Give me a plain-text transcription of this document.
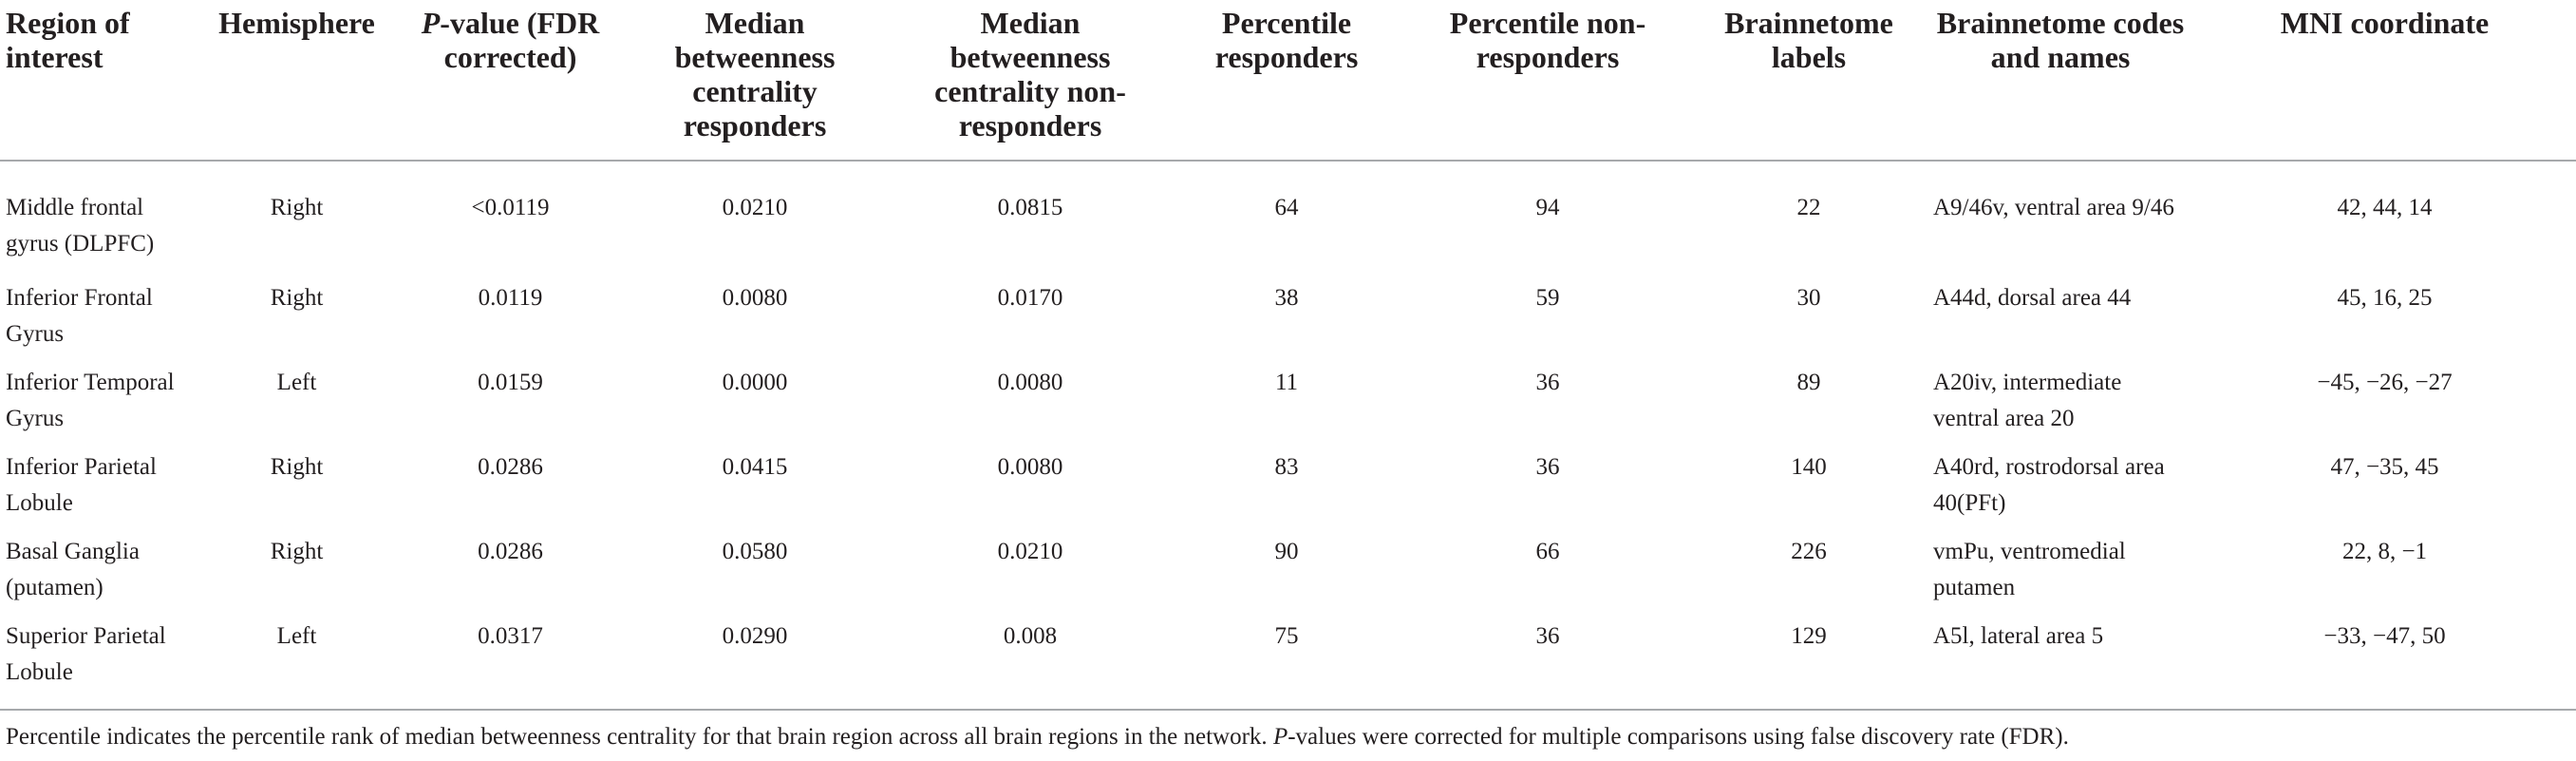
Region of interest	Hemisphere	P-value (FDR corrected)	Median betweenness centrality responders	Median betweenness centrality non-responders	Percentile responders	Percentile non-responders	Brainnetome labels	Brainnetome codes and names	MNI coordinate
Middle frontal gyrus (DLPFC)	Right	<0.0119	0.0210	0.0815	64	94	22	A9/46v, ventral area 9/46	42, 44, 14
Inferior Frontal Gyrus	Right	0.0119	0.0080	0.0170	38	59	30	A44d, dorsal area 44	45, 16, 25
Inferior Temporal Gyrus	Left	0.0159	0.0000	0.0080	11	36	89	A20iv, intermediate ventral area 20	−45, −26, −27
Inferior Parietal Lobule	Right	0.0286	0.0415	0.0080	83	36	140	A40rd, rostrodorsal area 40(PFt)	47, −35, 45
Basal Ganglia (putamen)	Right	0.0286	0.0580	0.0210	90	66	226	vmPu, ventromedial putamen	22, 8, −1
Superior Parietal Lobule	Left	0.0317	0.0290	0.008	75	36	129	A5l, lateral area 5	−33, −47, 50
Percentile indicates the percentile rank of median betweenness centrality for that brain region across all brain regions in the network. P-values were corrected for multiple comparisons using false discovery rate (FDR).
